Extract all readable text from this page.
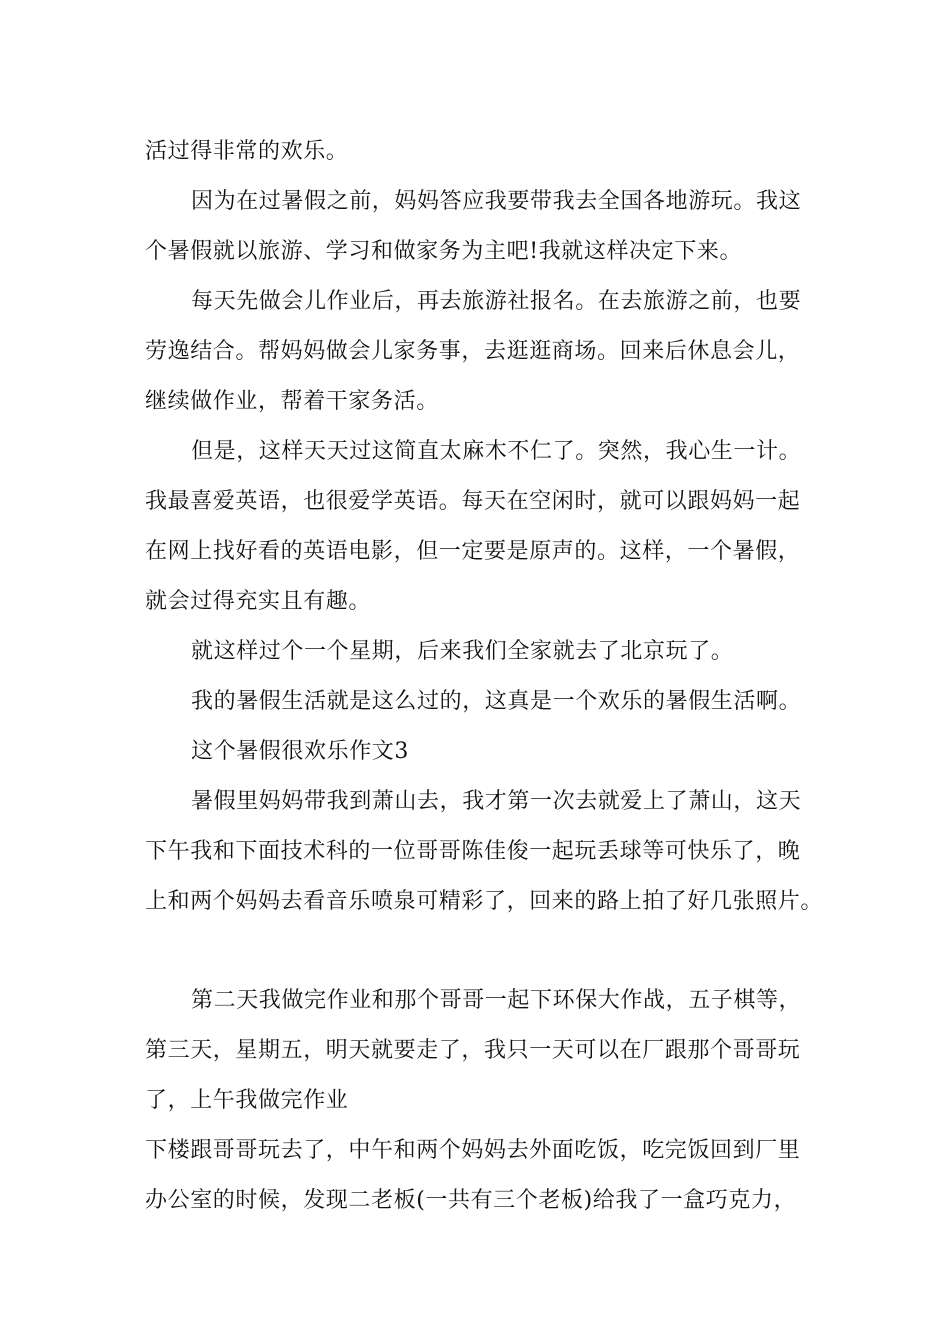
活过得非常的欢乐。
因为在过暑假之前，妈妈答应我要带我去全国各地游玩。我这
个暑假就以旅游、学习和做家务为主吧!我就这样决定下来。
每天先做会儿作业后，再去旅游社报名。在去旅游之前，也要
劳逸结合。帮妈妈做会儿家务事，去逛逛商场。回来后休息会儿，
继续做作业，帮着干家务活。
但是，这样天天过这简直太麻木不仁了。突然，我心生一计。
我最喜爱英语，也很爱学英语。每天在空闲时，就可以跟妈妈一起
在网上找好看的英语电影，但一定要是原声的。这样，一个暑假，
就会过得充实且有趣。
就这样过个一个星期，后来我们全家就去了北京玩了。
我的暑假生活就是这么过的，这真是一个欢乐的暑假生活啊。
这个暑假很欢乐作文3
暑假里妈妈带我到萧山去，我才第一次去就爱上了萧山，这天
下午我和下面技术科的一位哥哥陈佳俊一起玩丢球等可快乐了，晚
上和两个妈妈去看音乐喷泉可精彩了，回来的路上拍了好几张照片。
第二天我做完作业和那个哥哥一起下环保大作战，五子棋等，
第三天，星期五，明天就要走了，我只一天可以在厂跟那个哥哥玩
了，上午我做完作业
下楼跟哥哥玩去了，中午和两个妈妈去外面吃饭，吃完饭回到厂里
办公室的时候，发现二老板(一共有三个老板)给我了一盒巧克力，
